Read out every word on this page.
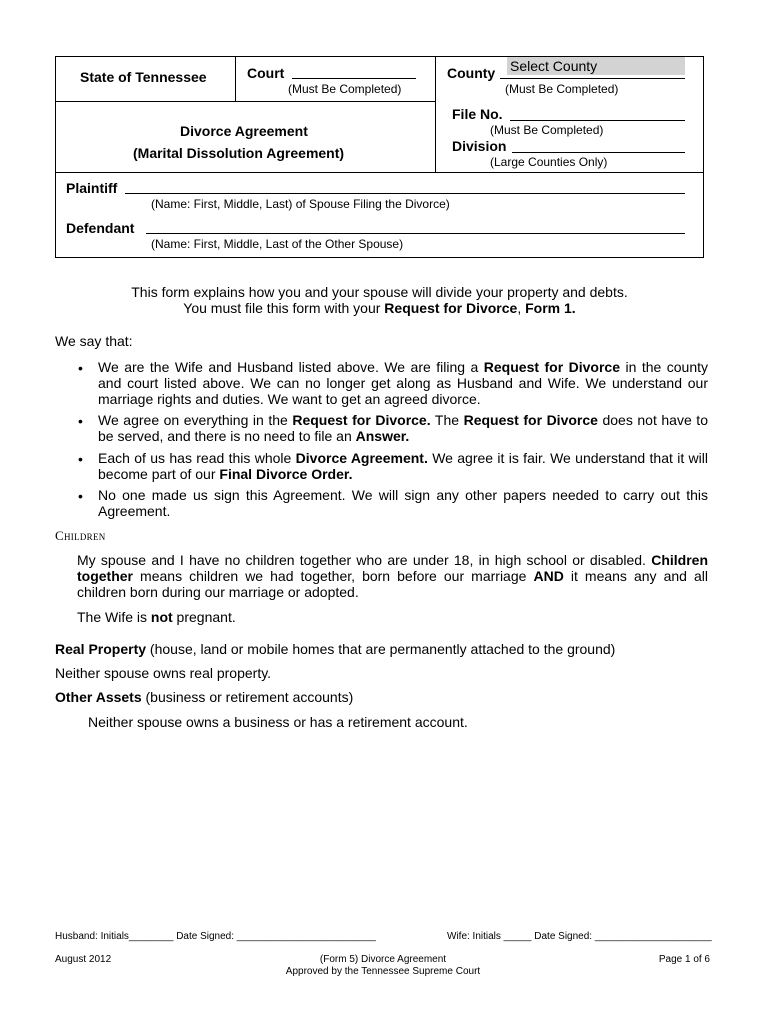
State of Tennessee	Court
(Must Be Completed)
County Select County
(Must Be Completed)
Divorce Agreement
(Marital Dissolution Agreement)
File No.
(Must Be Completed)
Division
(Large Counties Only)
Plaintiff
(Name: First, Middle, Last) of Spouse Filing the Divorce)
Defendant
(Name: First, Middle, Last of the Other Spouse)
This form explains how you and your spouse will divide your property and debts.
You must file this form with your Request for Divorce, Form 1.
We say that:
• We are the Wife and Husband listed above. We are filing a Request for Divorce in the county and court listed above. We can no longer get along as Husband and Wife. We understand our marriage rights and duties. We want to get an agreed divorce.
• We agree on everything in the Request for Divorce. The Request for Divorce does not have to be served, and there is no need to file an Answer.
• Each of us has read this whole Divorce Agreement. We agree it is fair. We understand that it will become part of our Final Divorce Order.
• No one made us sign this Agreement. We will sign any other papers needed to carry out this Agreement.
Children
My spouse and I have no children together who are under 18, in high school or disabled. Children together means children we had together, born before our marriage AND it means any and all children born during our marriage or adopted.
The Wife is not pregnant.
Real Property (house, land or mobile homes that are permanently attached to the ground)
Neither spouse owns real property.
Other Assets (business or retirement accounts)
Neither spouse owns a business or has a retirement account.
Husband: Initials________ Date Signed: _________________________	Wife: Initials _____ Date Signed: _____________________
August 2012	(Form 5) Divorce Agreement
Approved by the Tennessee Supreme Court
Page 1 of 6
